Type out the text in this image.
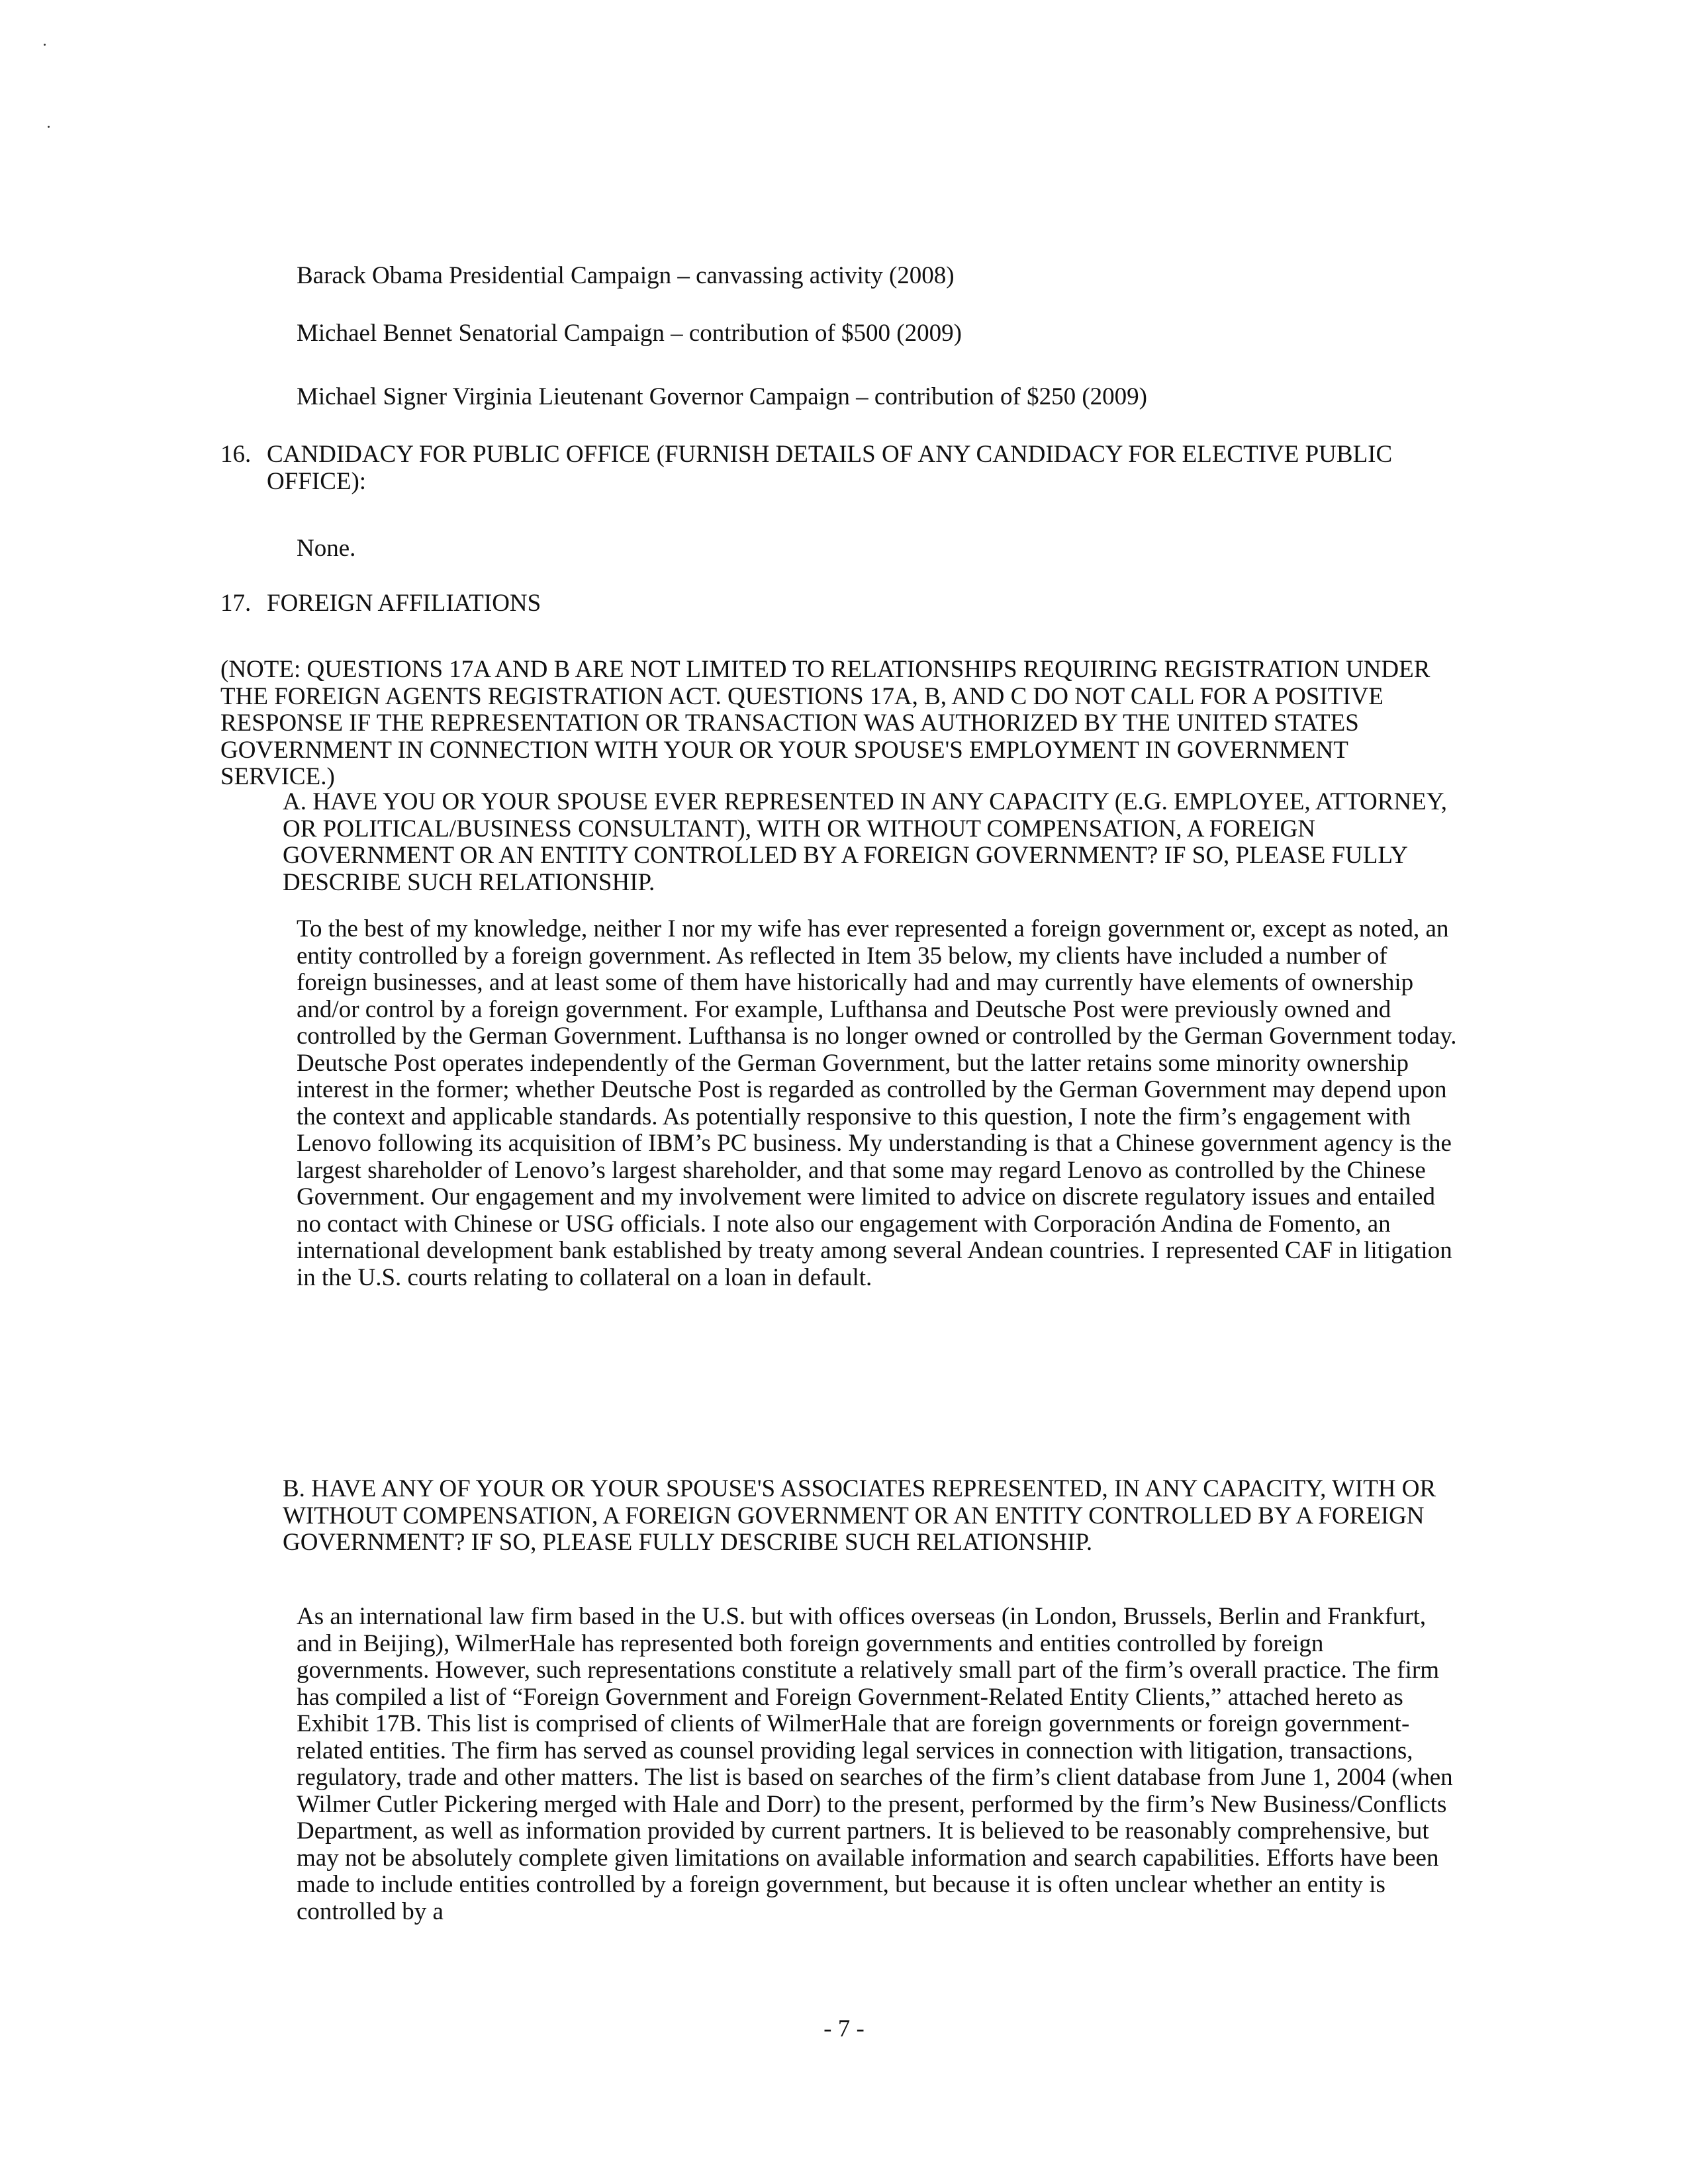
Barack Obama Presidential Campaign – canvassing activity (2008)

Michael Bennet Senatorial Campaign – contribution of $500 (2009)

Michael Signer Virginia Lieutenant Governor Campaign – contribution of $250 (2009)

16. CANDIDACY FOR PUBLIC OFFICE (FURNISH DETAILS OF ANY CANDIDACY FOR ELECTIVE PUBLIC OFFICE):

None.

17. FOREIGN AFFILIATIONS

(NOTE: QUESTIONS 17A AND B ARE NOT LIMITED TO RELATIONSHIPS REQUIRING REGISTRATION UNDER THE FOREIGN AGENTS REGISTRATION ACT. QUESTIONS 17A, B, AND C DO NOT CALL FOR A POSITIVE RESPONSE IF THE REPRESENTATION OR TRANSACTION WAS AUTHORIZED BY THE UNITED STATES GOVERNMENT IN CONNECTION WITH YOUR OR YOUR SPOUSE'S EMPLOYMENT IN GOVERNMENT SERVICE.)

A. HAVE YOU OR YOUR SPOUSE EVER REPRESENTED IN ANY CAPACITY (E.G. EMPLOYEE, ATTORNEY, OR POLITICAL/BUSINESS CONSULTANT), WITH OR WITHOUT COMPENSATION, A FOREIGN GOVERNMENT OR AN ENTITY CONTROLLED BY A FOREIGN GOVERNMENT? IF SO, PLEASE FULLY DESCRIBE SUCH RELATIONSHIP.

To the best of my knowledge, neither I nor my wife has ever represented a foreign government or, except as noted, an entity controlled by a foreign government. As reflected in Item 35 below, my clients have included a number of foreign businesses, and at least some of them have historically had and may currently have elements of ownership and/or control by a foreign government. For example, Lufthansa and Deutsche Post were previously owned and controlled by the German Government. Lufthansa is no longer owned or controlled by the German Government today. Deutsche Post operates independently of the German Government, but the latter retains some minority ownership interest in the former; whether Deutsche Post is regarded as controlled by the German Government may depend upon the context and applicable standards. As potentially responsive to this question, I note the firm’s engagement with Lenovo following its acquisition of IBM’s PC business. My understanding is that a Chinese government agency is the largest shareholder of Lenovo’s largest shareholder, and that some may regard Lenovo as controlled by the Chinese Government. Our engagement and my involvement were limited to advice on discrete regulatory issues and entailed no contact with Chinese or USG officials. I note also our engagement with Corporación Andina de Fomento, an international development bank established by treaty among several Andean countries. I represented CAF in litigation in the U.S. courts relating to collateral on a loan in default.

B. HAVE ANY OF YOUR OR YOUR SPOUSE'S ASSOCIATES REPRESENTED, IN ANY CAPACITY, WITH OR WITHOUT COMPENSATION, A FOREIGN GOVERNMENT OR AN ENTITY CONTROLLED BY A FOREIGN GOVERNMENT? IF SO, PLEASE FULLY DESCRIBE SUCH RELATIONSHIP.

As an international law firm based in the U.S. but with offices overseas (in London, Brussels, Berlin and Frankfurt, and in Beijing), WilmerHale has represented both foreign governments and entities controlled by foreign governments. However, such representations constitute a relatively small part of the firm’s overall practice. The firm has compiled a list of “Foreign Government and Foreign Government-Related Entity Clients,” attached hereto as Exhibit 17B. This list is comprised of clients of WilmerHale that are foreign governments or foreign government-related entities. The firm has served as counsel providing legal services in connection with litigation, transactions, regulatory, trade and other matters. The list is based on searches of the firm’s client database from June 1, 2004 (when Wilmer Cutler Pickering merged with Hale and Dorr) to the present, performed by the firm’s New Business/Conflicts Department, as well as information provided by current partners. It is believed to be reasonably comprehensive, but may not be absolutely complete given limitations on available information and search capabilities. Efforts have been made to include entities controlled by a foreign government, but because it is often unclear whether an entity is controlled by a

- 7 -
